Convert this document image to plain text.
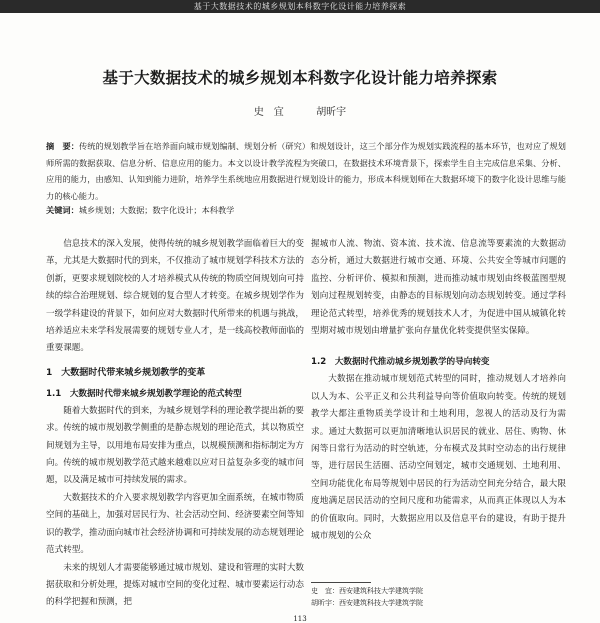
基于大数据技术的城乡规划本科数字化设计能力培养探索
基于大数据技术的城乡规划本科数字化设计能力培养探索
史　宜	胡昕宇
摘　要：传统的规划教学旨在培养面向城市规划编制、规划分析（研究）和规划设计，这三个部分作为规划实践流程的基本环节，也对应了规划师所需的数据获取、信息分析、信息应用的能力。本文以设计教学流程为突破口，在数据技术环境背景下，探索学生自主完成信息采集、分析、应用的能力，由感知、认知到能力进阶，培养学生系统地应用数据进行规划设计的能力，形成本科规划师在大数据环境下的数字化设计思维与能力的核心能力。
关键词：城乡规划；大数据；数字化设计；本科教学

信息技术的深入发展，使得传统的城乡规划教学面临着巨大的变革，尤其是大数据时代的到来，不仅推动了城市规划学科技术方法的创新，更要求规划院校的人才培养模式从传统的物质空间规划向可持续的综合治理规划、综合规划的复合型人才转变。在城乡规划学作为一级学科建设的背景下，如何应对大数据时代所带来的机遇与挑战，培养适应未来学科发展需要的规划专业人才，是一线高校教师面临的重要课题。

1　大数据时代带来城乡规划教学的变革
1.1　大数据时代带来城乡规划教学理论的范式转型

随着大数据时代的到来，为城乡规划学科的理论教学提出新的要求。传统的城市规划教学侧重的是静态规划的理论范式，其以物质空间规划为主导，以用地布局安排为重点，以规模预测和指标制定为方向。传统的城市规划教学范式越来越难以应对日益复杂多变的城市问题，以及满足城市可持续发展的需求。

大数据技术的介入要求规划教学内容更加全面系统，在城市物质空间的基础上，加强对居民行为、社会活动空间、经济要素空间等知识的教学，推动面向城市社会经济协调和可持续发展的动态规划理论范式转型。

未来的规划人才需要能够通过城市规划、建设和管理的实时大数据获取和分析处理，提炼对城市空间的变化过程、城市要素运行动态的科学把握和预测，把

握城市人流、物流、资本流、技术流、信息流等要素流的大数据动态分析，通过大数据进行城市交通、环境、公共安全等城市问题的监控、分析评价、模拟和预测，进而推动城市规划由终极蓝图型规划向过程规划转变，由静态的目标规划向动态规划转变。通过学科理论范式转型，培养优秀的规划技术人才，为促进中国从城镇化转型期对城市规划由增量扩张向存量优化转变提供坚实保障。

1.2　大数据时代推动城乡规划教学的导向转变

大数据在推动城市规划范式转型的同时，推动规划人才培养向以人为本、公平正义和公共利益导向等价值取向转变。传统的规划教学大都注重物质美学设计和土地利用，忽视人的活动及行为需求。通过大数据可以更加清晰地认识居民的就业、居住、购物、休闲等日常行为活动的时空轨迹，分布模式及其时空动态的出行规律等，进行居民生活圈、活动空间划定，城市交通规划、土地利用、空间功能优化布局等规划中居民的行为活动空间充分结合，最大限度地满足居民活动的空间尺度和功能需求，从而真正体现以人为本的价值取向。同时，大数据应用以及信息平台的建设，有助于提升城市规划的公众

史　宜：西安建筑科技大学建筑学院
胡昕宇：西安建筑科技大学建筑学院
113
